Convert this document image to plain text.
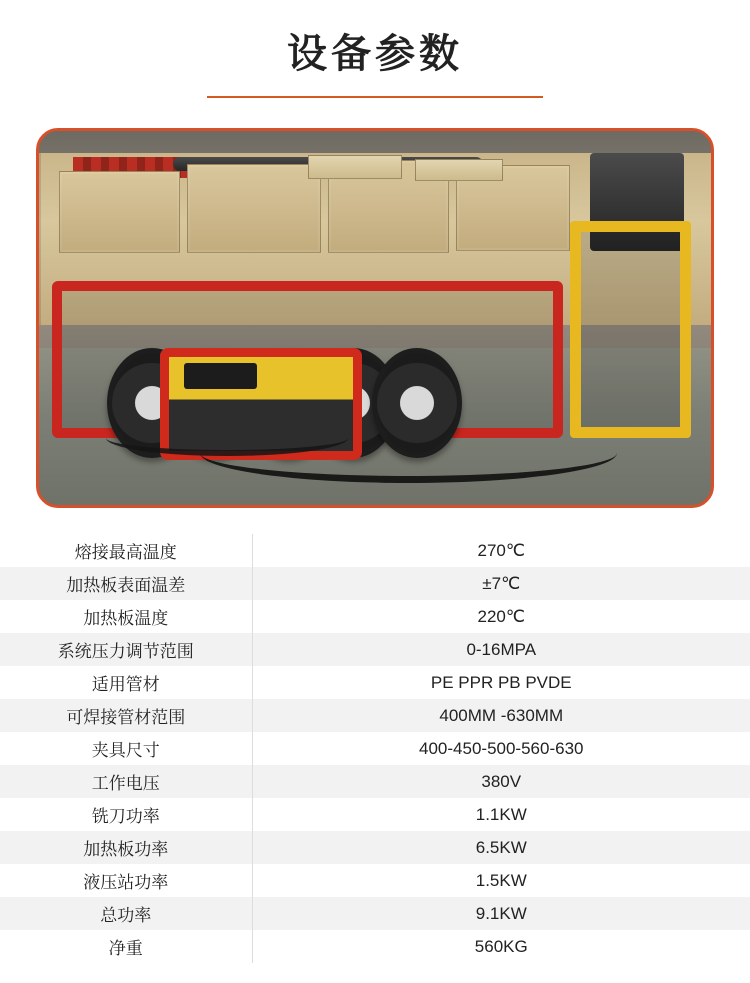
设备参数
熔接最高温度	270℃
加热板表面温差	±7℃
加热板温度	220℃
系统压力调节范围	0-16MPA
适用管材	PE PPR PB PVDE
可焊接管材范围	400MM -630MM
夹具尺寸	400-450-500-560-630
工作电压	380V
铣刀功率	1.1KW
加热板功率	6.5KW
液压站功率	1.5KW
总功率	9.1KW
净重	560KG
